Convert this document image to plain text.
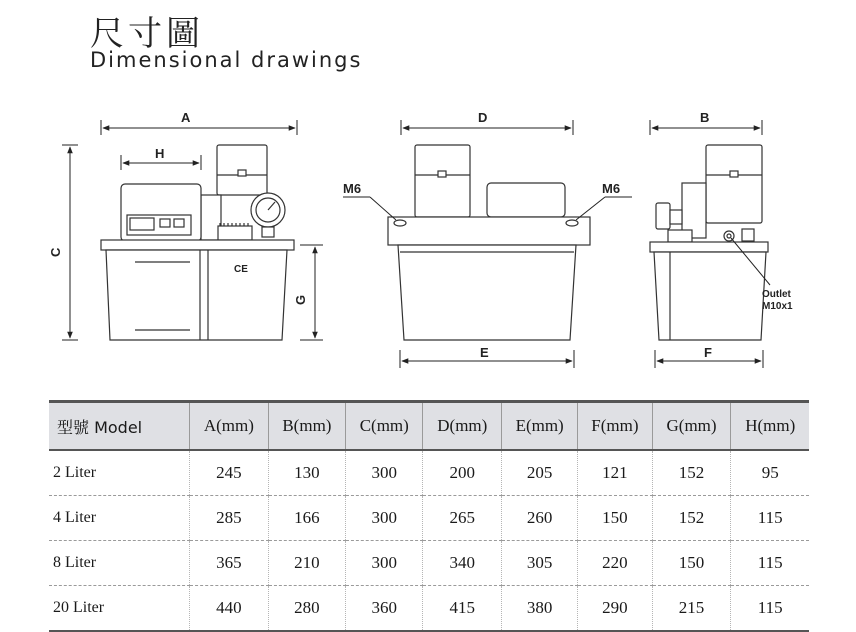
尺寸圖
Dimensional drawings
CE
A
H
C
G
M6	M6
D
E
Outlet
M10x1
B
F
型號 Model	A(mm)	B(mm)	C(mm)	D(mm)	E(mm)	F(mm)	G(mm)	H(mm)
2 Liter	245	130	300	200	205	121	152	95
4 Liter	285	166	300	265	260	150	152	115
8 Liter	365	210	300	340	305	220	150	115
20 Liter	440	280	360	415	380	290	215	115
